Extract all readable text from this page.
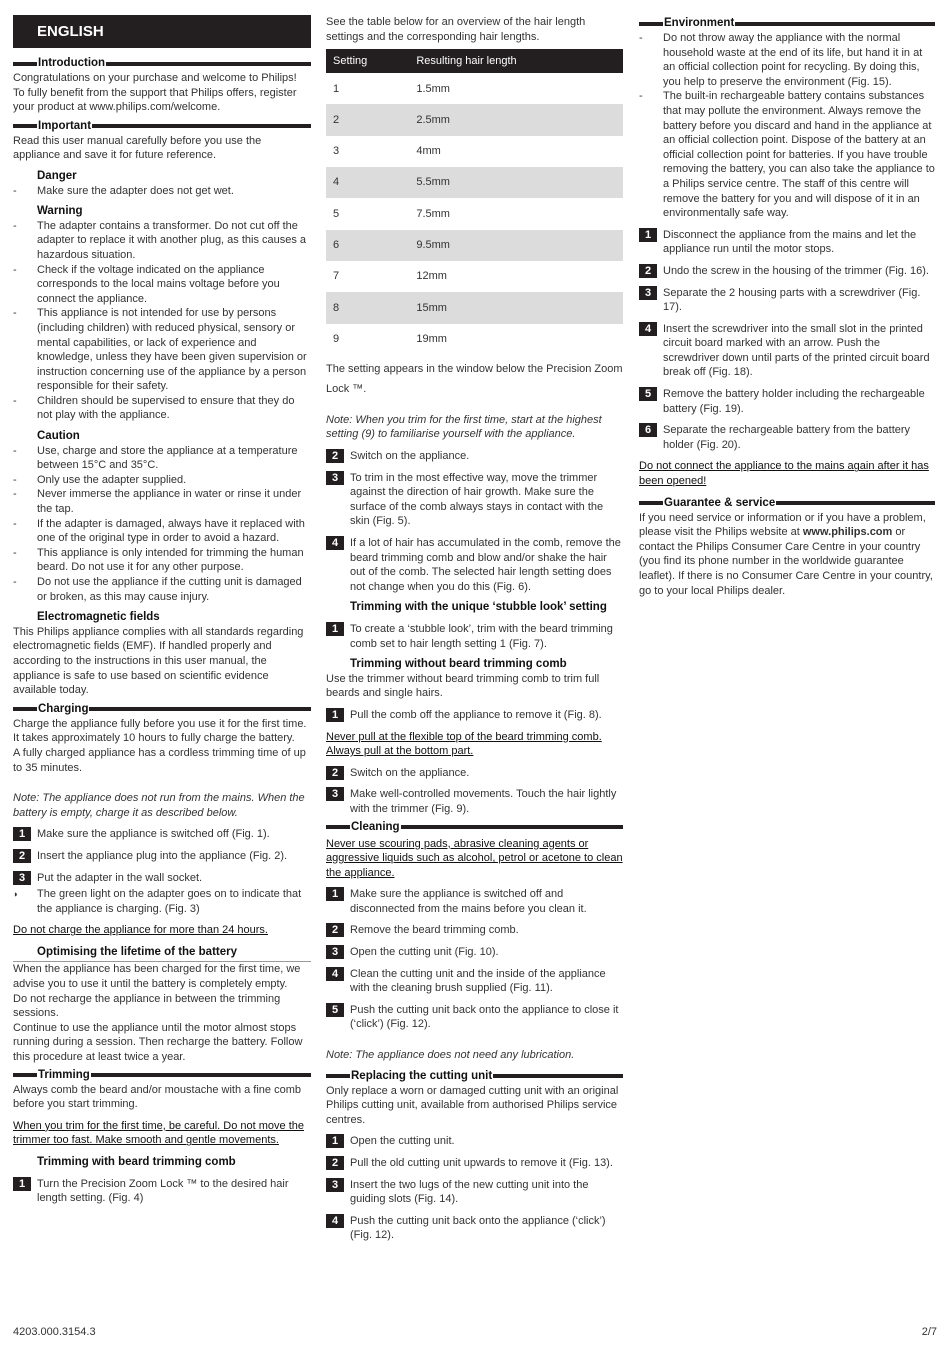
ENGLISH
Introduction

Congratulations on your purchase and welcome to Philips! To fully benefit from the support that Philips offers, register your product at www.philips.com/welcome.

Important

Read this user manual carefully before you use the appliance and save it for future reference.

Danger
-	Make sure the adapter does not get wet.
Warning
-	The adapter contains a transformer. Do not cut off the adapter to replace it with another plug, as this causes a hazardous situation.
-	Check if the voltage indicated on the appliance corresponds to the local mains voltage before you connect the appliance.
-	This appliance is not intended for use by persons (including children) with reduced physical, sensory or mental capabilities, or lack of experience and knowledge, unless they have been given supervision or instruction concerning use of the appliance by a person responsible for their safety.
-	Children should be supervised to ensure that they do not play with the appliance.
Caution
-	Use, charge and store the appliance at a temperature between 15°C and 35°C.
-	Only use the adapter supplied.
-	Never immerse the appliance in water or rinse it under the tap.
-	If the adapter is damaged, always have it replaced with one of the original type in order to avoid a hazard.
-	This appliance is only intended for trimming the human beard. Do not use it for any other purpose.
-	Do not use the appliance if the cutting unit is damaged or broken, as this may cause injury.
Electromagnetic fields

This Philips appliance complies with all standards regarding electromagnetic fields (EMF). If handled properly and according to the instructions in this user manual, the appliance is safe to use based on scientific evidence available today.

Charging
Charge the appliance fully before you use it for the first time.
It takes approximately 10 hours to fully charge the battery.
A fully charged appliance has a cordless trimming time of up to 35 minutes.
Note: The appliance does not run from the mains. When the battery is empty, charge it as described below.
1	Make sure the appliance is switched off (Fig. 1).
2	Insert the appliance plug into the appliance (Fig. 2).
3	Put the adapter in the wall socket.
◗	The green light on the adapter goes on to indicate that the appliance is charging. (Fig. 3)
Do not charge the appliance for more than 24 hours.
Optimising the lifetime of the battery
When the appliance has been charged for the first time, we advise you to use it until the battery is completely empty.
Do not recharge the appliance in between the trimming sessions.
Continue to use the appliance until the motor almost stops running during a session. Then recharge the battery. Follow this procedure at least twice a year.
Trimming

Always comb the beard and/or moustache with a fine comb before you start trimming.

When you trim for the first time, be careful. Do not move the trimmer too fast. Make smooth and gentle movements.
Trimming with beard trimming comb
1	Turn the Precision Zoom Lock ™ to the desired hair length setting. (Fig. 4)
See the table below for an overview of the hair length settings and the corresponding hair lengths.
Setting	Resulting hair length
1	1.5mm
2	2.5mm
3	4mm
4	5.5mm
5	7.5mm
6	9.5mm
7	12mm
8	15mm
9	19mm
The setting appears in the window below the Precision Zoom Lock ™.
Note: When you trim for the first time, start at the highest setting (9) to familiarise yourself with the appliance.
2	Switch on the appliance.
3	To trim in the most effective way, move the trimmer against the direction of hair growth. Make sure the surface of the comb always stays in contact with the skin (Fig. 5).
4	If a lot of hair has accumulated in the comb, remove the beard trimming comb and blow and/or shake the hair out of the comb. The selected hair length setting does not change when you do this (Fig. 6).
Trimming with the unique ‘stubble look’ setting
1	To create a ‘stubble look’, trim with the beard trimming comb set to hair length setting 1 (Fig. 7).
Trimming without beard trimming comb
Use the trimmer without beard trimming comb to trim full beards and single hairs.
1	Pull the comb off the appliance to remove it (Fig. 8).
Never pull at the flexible top of the beard trimming comb. Always pull at the bottom part.
2	Switch on the appliance.
3	Make well-controlled movements. Touch the hair lightly with the trimmer (Fig. 9).
Cleaning
Never use scouring pads, abrasive cleaning agents or aggressive liquids such as alcohol, petrol or acetone to clean the appliance.
1	Make sure the appliance is switched off and disconnected from the mains before you clean it.
2	Remove the beard trimming comb.
3	Open the cutting unit (Fig. 10).
4	Clean the cutting unit and the inside of the appliance with the cleaning brush supplied (Fig. 11).
5	Push the cutting unit back onto the appliance to close it (‘click’) (Fig. 12).
Note: The appliance does not need any lubrication.
Replacing the cutting unit
Only replace a worn or damaged cutting unit with an original Philips cutting unit, available from authorised Philips service centres.
1	Open the cutting unit.
2	Pull the old cutting unit upwards to remove it (Fig. 13).
3	Insert the two lugs of the new cutting unit into the guiding slots (Fig. 14).
4	Push the cutting unit back onto the appliance (‘click’) (Fig. 12).
Environment
-	Do not throw away the appliance with the normal household waste at the end of its life, but hand it in at an official collection point for recycling. By doing this, you help to preserve the environment (Fig. 15).
-	The built-in rechargeable battery contains substances that may pollute the environment. Always remove the battery before you discard and hand in the appliance at an official collection point. Dispose of the battery at an official collection point for batteries. If you have trouble removing the battery, you can also take the appliance to a Philips service centre. The staff of this centre will remove the battery for you and will dispose of it in an environmentally safe way.
1	Disconnect the appliance from the mains and let the appliance run until the motor stops.
2	Undo the screw in the housing of the trimmer (Fig. 16).
3	Separate the 2 housing parts with a screwdriver (Fig. 17).
4	Insert the screwdriver into the small slot in the printed circuit board marked with an arrow. Push the screwdriver down until parts of the printed circuit board break off (Fig. 18).
5	Remove the battery holder including the rechargeable battery (Fig. 19).
6	Separate the rechargeable battery from the battery holder (Fig. 20).
Do not connect the appliance to the mains again after it has been opened!
Guarantee & service

If you need service or information or if you have a problem, please visit the Philips website at www.philips.com or contact the Philips Consumer Care Centre in your country (you find its phone number in the worldwide guarantee leaflet). If there is no Consumer Care Centre in your country, go to your local Philips dealer.

4203.000.3154.3	2/7
